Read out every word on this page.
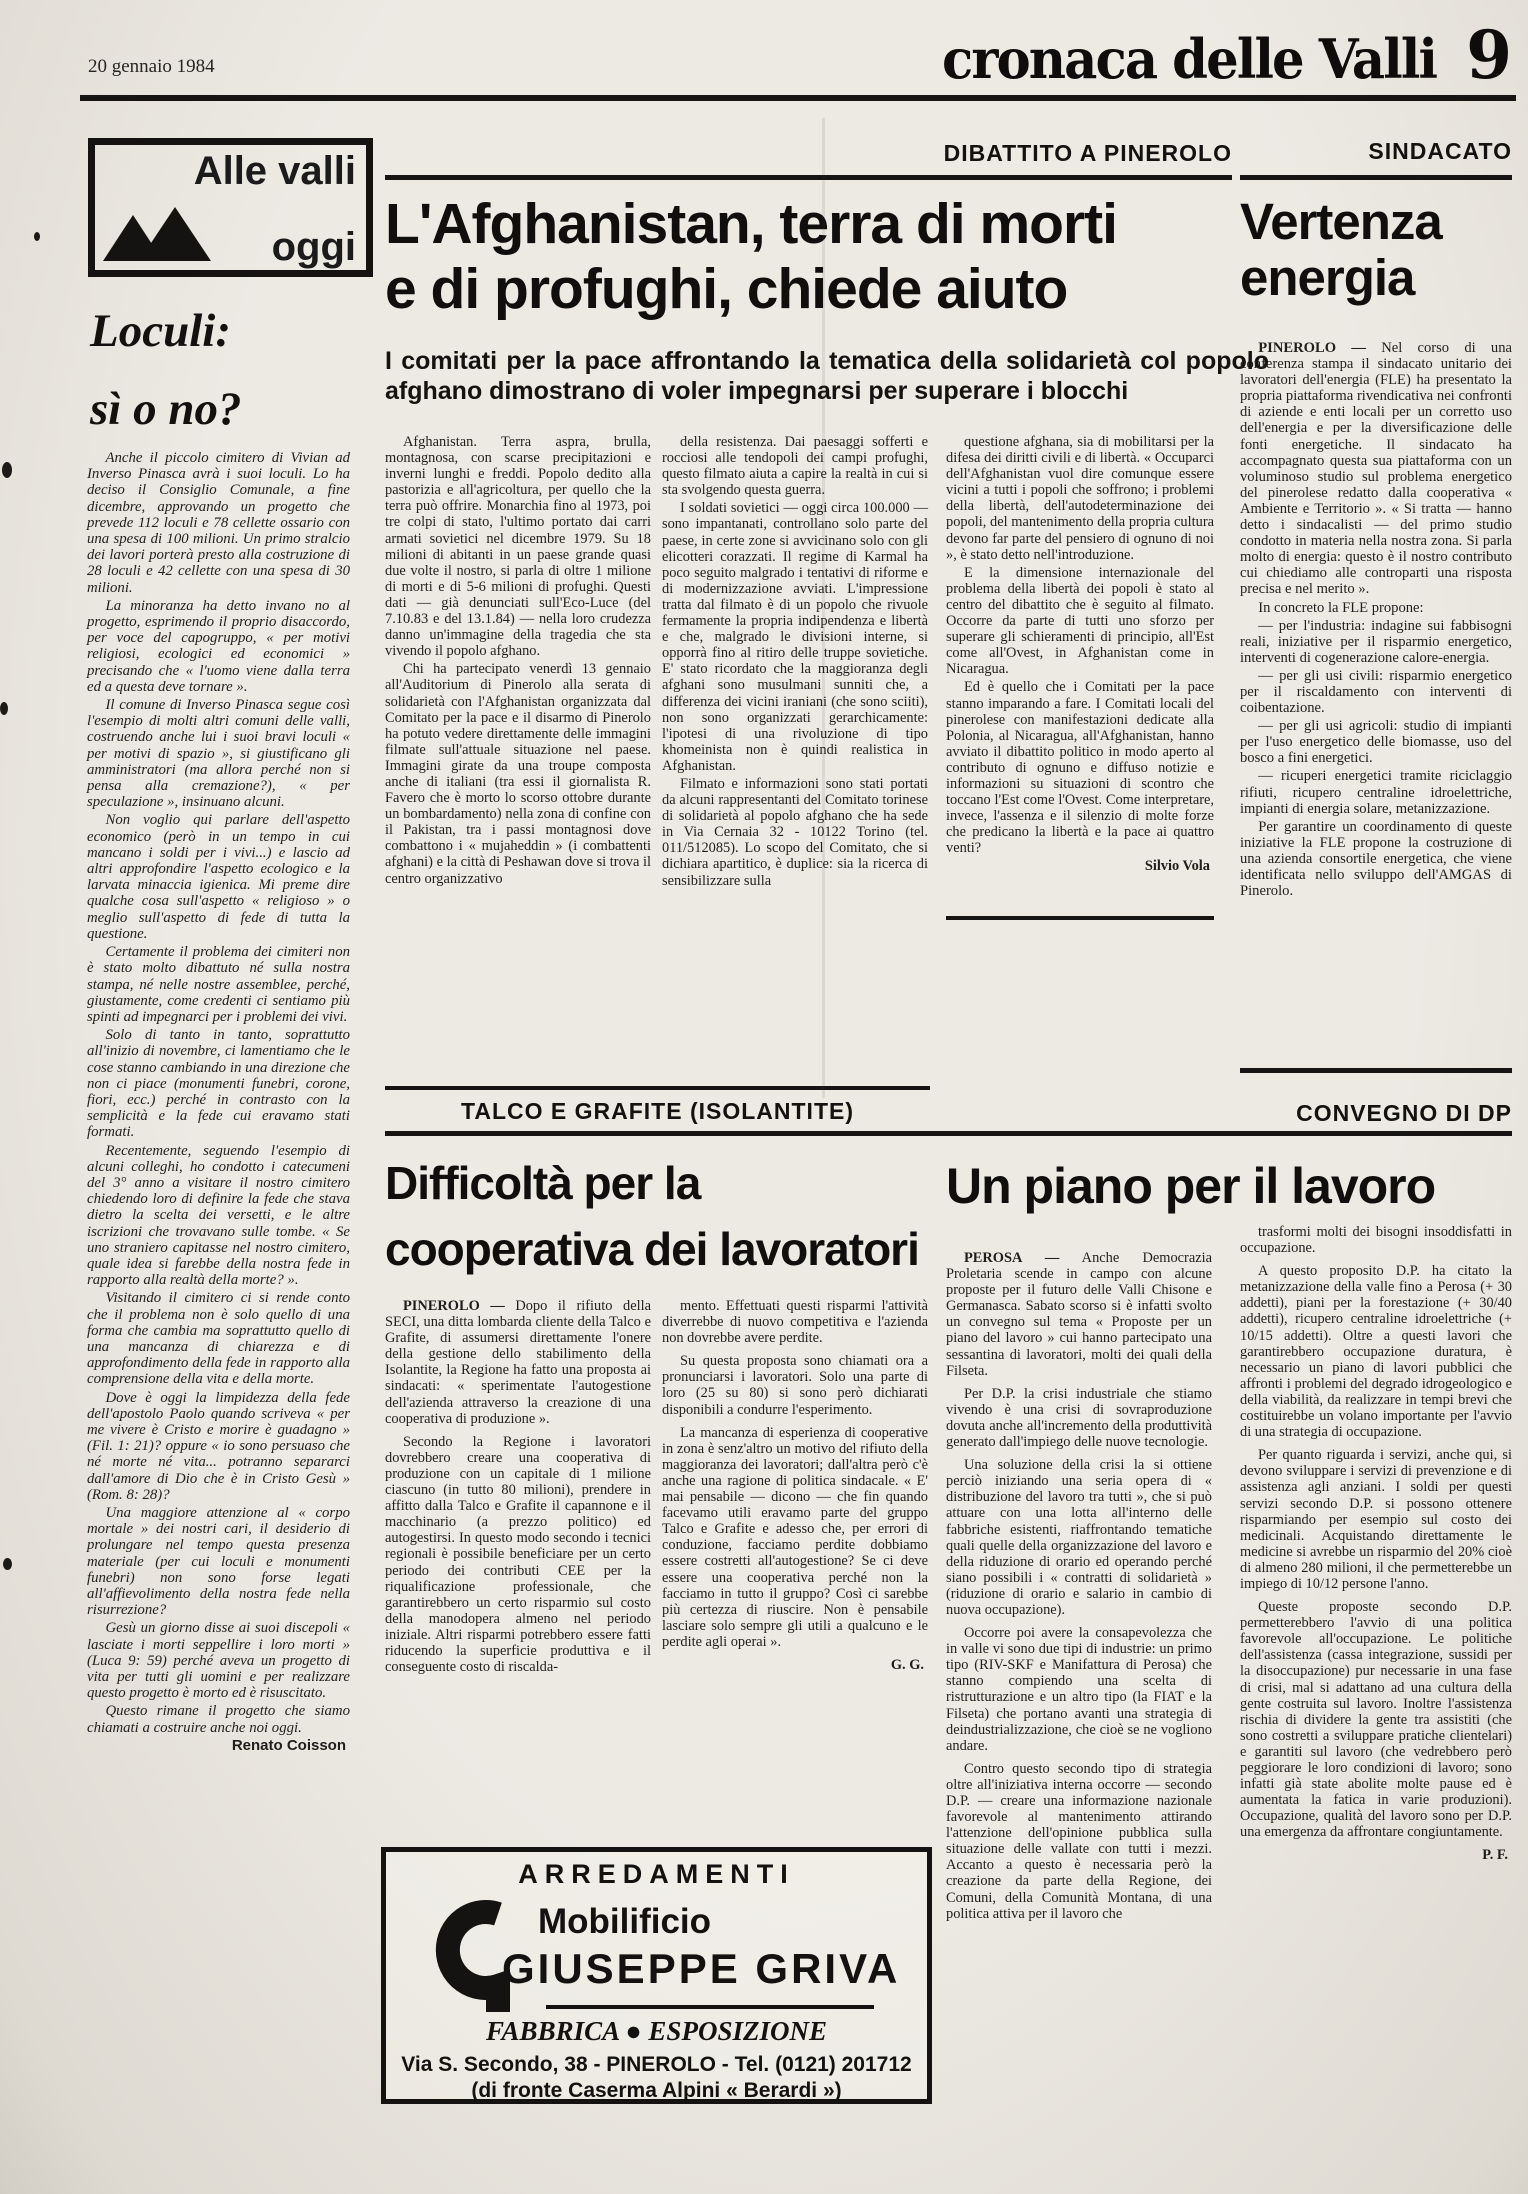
20 gennaio 1984	cronaca delle Valli 9
Alle valli
oggi
Loculi:
sì o no?

Anche il piccolo cimitero di Vivian ad Inverso Pinasca avrà i suoi loculi. Lo ha deciso il Consiglio Comunale, a fine dicembre, approvando un progetto che prevede 112 loculi e 78 cellette ossario con una spesa di 100 milioni. Un primo stralcio dei lavori porterà presto alla costruzione di 28 loculi e 42 cellette con una spesa di 30 milioni.

La minoranza ha detto invano no al progetto, esprimendo il proprio disaccordo, per voce del capogruppo, « per motivi religiosi, ecologici ed economici » precisando che « l'uomo viene dalla terra ed a questa deve tornare ».

Il comune di Inverso Pinasca segue così l'esempio di molti altri comuni delle valli, costruendo anche lui i suoi bravi loculi « per motivi di spazio », si giustificano gli amministratori (ma allora perché non si pensa alla cremazione?), « per speculazione », insinuano alcuni.

Non voglio qui parlare dell'aspetto economico (però in un tempo in cui mancano i soldi per i vivi...) e lascio ad altri approfondire l'aspetto ecologico e la larvata minaccia igienica. Mi preme dire qualche cosa sull'aspetto « religioso » o meglio sull'aspetto di fede di tutta la questione.

Certamente il problema dei cimiteri non è stato molto dibattuto né sulla nostra stampa, né nelle nostre assemblee, perché, giustamente, come credenti ci sentiamo più spinti ad impegnarci per i problemi dei vivi.

Solo di tanto in tanto, soprattutto all'inizio di novembre, ci lamentiamo che le cose stanno cambiando in una direzione che non ci piace (monumenti funebri, corone, fiori, ecc.) perché in contrasto con la semplicità e la fede cui eravamo stati formati.

Recentemente, seguendo l'esempio di alcuni colleghi, ho condotto i catecumeni del 3° anno a visitare il nostro cimitero chiedendo loro di definire la fede che stava dietro la scelta dei versetti, e le altre iscrizioni che trovavano sulle tombe. « Se uno straniero capitasse nel nostro cimitero, quale idea si farebbe della nostra fede in rapporto alla realtà della morte? ».

Visitando il cimitero ci si rende conto che il problema non è solo quello di una forma che cambia ma soprattutto quello di una mancanza di chiarezza e di approfondimento della fede in rapporto alla comprensione della vita e della morte.

Dove è oggi la limpidezza della fede dell'apostolo Paolo quando scriveva « per me vivere è Cristo e morire è guadagno » (Fil. 1: 21)? oppure « io sono persuaso che né morte né vita... potranno separarci dall'amore di Dio che è in Cristo Gesù » (Rom. 8: 28)?

Una maggiore attenzione al « corpo mortale » dei nostri cari, il desiderio di prolungare nel tempo questa presenza materiale (per cui loculi e monumenti funebri) non sono forse legati all'affievolimento della nostra fede nella risurrezione?

Gesù un giorno disse ai suoi discepoli « lasciate i morti seppellire i loro morti » (Luca 9: 59) perché aveva un progetto di vita per tutti gli uomini e per realizzare questo progetto è morto ed è risuscitato.

Questo rimane il progetto che siamo chiamati a costruire anche noi oggi.

Renato Coisson

DIBATTITO A PINEROLO	SINDACATO
L'Afghanistan, terra di morti
e di profughi, chiede aiuto
I comitati per la pace affrontando la tematica della solidarietà col popolo afghano dimostrano di voler impegnarsi per superare i blocchi

Afghanistan. Terra aspra, brulla, montagnosa, con scarse precipitazioni e inverni lunghi e freddi. Popolo dedito alla pastorizia e all'agricoltura, per quello che la terra può offrire. Monarchia fino al 1973, poi tre colpi di stato, l'ultimo portato dai carri armati sovietici nel dicembre 1979. Su 18 milioni di abitanti in un paese grande quasi due volte il nostro, si parla di oltre 1 milione di morti e di 5-6 milioni di profughi. Questi dati — già denunciati sull'Eco-Luce (del 7.10.83 e del 13.1.84) — nella loro crudezza danno un'immagine della tragedia che sta vivendo il popolo afghano.

Chi ha partecipato venerdì 13 gennaio all'Auditorium di Pinerolo alla serata di solidarietà con l'Afghanistan organizzata dal Comitato per la pace e il disarmo di Pinerolo ha potuto vedere direttamente delle immagini filmate sull'attuale situazione nel paese. Immagini girate da una troupe composta anche di italiani (tra essi il giornalista R. Favero che è morto lo scorso ottobre durante un bombardamento) nella zona di confine con il Pakistan, tra i passi montagnosi dove combattono i « mujaheddin » (i combattenti afghani) e la città di Peshawan dove si trova il centro organizzativo

della resistenza. Dai paesaggi sofferti e rocciosi alle tendopoli dei campi profughi, questo filmato aiuta a capire la realtà in cui si sta svolgendo questa guerra.

I soldati sovietici — oggi circa 100.000 — sono impantanati, controllano solo parte del paese, in certe zone si avvicinano solo con gli elicotteri corazzati. Il regime di Karmal ha poco seguito malgrado i tentativi di riforme e di modernizzazione avviati. L'impressione tratta dal filmato è di un popolo che rivuole fermamente la propria indipendenza e libertà e che, malgrado le divisioni interne, si opporrà fino al ritiro delle truppe sovietiche. E' stato ricordato che la maggioranza degli afghani sono musulmani sunniti che, a differenza dei vicini iraniani (che sono sciiti), non sono organizzati gerarchicamente: l'ipotesi di una rivoluzione di tipo khomeinista non è quindi realistica in Afghanistan.

Filmato e informazioni sono stati portati da alcuni rappresentanti del Comitato torinese di solidarietà al popolo afghano che ha sede in Via Cernaia 32 - 10122 Torino (tel. 011/512085). Lo scopo del Comitato, che si dichiara apartitico, è duplice: sia la ricerca di sensibilizzare sulla

questione afghana, sia di mobilitarsi per la difesa dei diritti civili e di libertà. « Occuparci dell'Afghanistan vuol dire comunque essere vicini a tutti i popoli che soffrono; i problemi della libertà, dell'autodeterminazione dei popoli, del mantenimento della propria cultura devono far parte del pensiero di ognuno di noi », è stato detto nell'introduzione.

E la dimensione internazionale del problema della libertà dei popoli è stato al centro del dibattito che è seguito al filmato. Occorre da parte di tutti uno sforzo per superare gli schieramenti di principio, all'Est come all'Ovest, in Afghanistan come in Nicaragua.

Ed è quello che i Comitati per la pace stanno imparando a fare. I Comitati locali del pinerolese con manifestazioni dedicate alla Polonia, al Nicaragua, all'Afghanistan, hanno avviato il dibattito politico in modo aperto al contributo di ognuno e diffuso notizie e informazioni su situazioni di scontro che toccano l'Est come l'Ovest. Come interpretare, invece, l'assenza e il silenzio di molte forze che predicano la libertà e la pace ai quattro venti?

Silvio Vola

Vertenza
energia

PINEROLO — Nel corso di una conferenza stampa il sindacato unitario dei lavoratori dell'energia (FLE) ha presentato la propria piattaforma rivendicativa nei confronti di aziende e enti locali per un corretto uso dell'energia e per la diversificazione delle fonti energetiche. Il sindacato ha accompagnato questa sua piattaforma con un voluminoso studio sul problema energetico del pinerolese redatto dalla cooperativa « Ambiente e Territorio ». « Si tratta — hanno detto i sindacalisti — del primo studio condotto in materia nella nostra zona. Si parla molto di energia: questo è il nostro contributo cui chiediamo alle controparti una risposta precisa e nel merito ».

In concreto la FLE propone:

— per l'industria: indagine sui fabbisogni reali, iniziative per il risparmio energetico, interventi di cogenerazione calore-energia.

— per gli usi civili: risparmio energetico per il riscaldamento con interventi di coibentazione.

— per gli usi agricoli: studio di impianti per l'uso energetico delle biomasse, uso del bosco a fini energetici.

— ricuperi energetici tramite riciclaggio rifiuti, ricupero centraline idroelettriche, impianti di energia solare, metanizzazione.

Per garantire un coordinamento di queste iniziative la FLE propone la costruzione di una azienda consortile energetica, che viene identificata nello sviluppo dell'AMGAS di Pinerolo.

TALCO E GRAFITE (ISOLANTITE)	CONVEGNO DI DP
Difficoltà per la
cooperativa dei lavoratori

PINEROLO — Dopo il rifiuto della SECI, una ditta lombarda cliente della Talco e Grafite, di assumersi direttamente l'onere della gestione dello stabilimento della Isolantite, la Regione ha fatto una proposta ai sindacati: « sperimentate l'autogestione dell'azienda attraverso la creazione di una cooperativa di produzione ».

Secondo la Regione i lavoratori dovrebbero creare una cooperativa di produzione con un capitale di 1 milione ciascuno (in tutto 80 milioni), prendere in affitto dalla Talco e Grafite il capannone e il macchinario (a prezzo politico) ed autogestirsi. In questo modo secondo i tecnici regionali è possibile beneficiare per un certo periodo dei contributi CEE per la riqualificazione professionale, che garantirebbero un certo risparmio sul costo della manodopera almeno nel periodo iniziale. Altri risparmi potrebbero essere fatti riducendo la superficie produttiva e il conseguente costo di riscalda-

mento. Effettuati questi risparmi l'attività diverrebbe di nuovo competitiva e l'azienda non dovrebbe avere perdite.

Su questa proposta sono chiamati ora a pronunciarsi i lavoratori. Solo una parte di loro (25 su 80) si sono però dichiarati disponibili a condurre l'esperimento.

La mancanza di esperienza di cooperative in zona è senz'altro un motivo del rifiuto della maggioranza dei lavoratori; dall'altra però c'è anche una ragione di politica sindacale. « E' mai pensabile — dicono — che fin quando facevamo utili eravamo parte del gruppo Talco e Grafite e adesso che, per errori di conduzione, facciamo perdite dobbiamo essere costretti all'autogestione? Se ci deve essere una cooperativa perché non la facciamo in tutto il gruppo? Così ci sarebbe più certezza di riuscire. Non è pensabile lasciare solo sempre gli utili a qualcuno e le perdite agli operai ».

G. G.

Un piano per il lavoro

PEROSA — Anche Democrazia Proletaria scende in campo con alcune proposte per il futuro delle Valli Chisone e Germanasca. Sabato scorso si è infatti svolto un convegno sul tema « Proposte per un piano del lavoro » cui hanno partecipato una sessantina di lavoratori, molti dei quali della Filseta.

Per D.P. la crisi industriale che stiamo vivendo è una crisi di sovraproduzione dovuta anche all'incremento della produttività generato dall'impiego delle nuove tecnologie.

Una soluzione della crisi la si ottiene perciò iniziando una seria opera di « distribuzione del lavoro tra tutti », che si può attuare con una lotta all'interno delle fabbriche esistenti, riaffrontando tematiche quali quelle della organizzazione del lavoro e della riduzione di orario ed operando perché siano possibili i « contratti di solidarietà » (riduzione di orario e salario in cambio di nuova occupazione).

Occorre poi avere la consapevolezza che in valle vi sono due tipi di industrie: un primo tipo (RIV-SKF e Manifattura di Perosa) che stanno compiendo una scelta di ristrutturazione e un altro tipo (la FIAT e la Filseta) che portano avanti una strategia di deindustrializzazione, che cioè se ne vogliono andare.

Contro questo secondo tipo di strategia oltre all'iniziativa interna occorre — secondo D.P. — creare una informazione nazionale favorevole al mantenimento attirando l'attenzione dell'opinione pubblica sulla situazione delle vallate con tutti i mezzi. Accanto a questo è necessaria però la creazione da parte della Regione, dei Comuni, della Comunità Montana, di una politica attiva per il lavoro che

trasformi molti dei bisogni insoddisfatti in occupazione.

A questo proposito D.P. ha citato la metanizzazione della valle fino a Perosa (+ 30 addetti), piani per la forestazione (+ 30/40 addetti), ricupero centraline idroelettriche (+ 10/15 addetti). Oltre a questi lavori che garantirebbero occupazione duratura, è necessario un piano di lavori pubblici che affronti i problemi del degrado idrogeologico e della viabilità, da realizzare in tempi brevi che costituirebbe un volano importante per l'avvio di una strategia di occupazione.

Per quanto riguarda i servizi, anche qui, si devono sviluppare i servizi di prevenzione e di assistenza agli anziani. I soldi per questi servizi secondo D.P. si possono ottenere risparmiando per esempio sul costo dei medicinali. Acquistando direttamente le medicine si avrebbe un risparmio del 20% cioè di almeno 280 milioni, il che permetterebbe un impiego di 10/12 persone l'anno.

Queste proposte secondo D.P. permetterebbero l'avvio di una politica favorevole all'occupazione. Le politiche dell'assistenza (cassa integrazione, sussidi per la disoccupazione) pur necessarie in una fase di crisi, mal si adattano ad una cultura della gente costruita sul lavoro. Inoltre l'assistenza rischia di dividere la gente tra assistiti (che sono costretti a sviluppare pratiche clientelari) e garantiti sul lavoro (che vedrebbero però peggiorare le loro condizioni di lavoro; sono infatti già state abolite molte pause ed è aumentata la fatica in varie produzioni). Occupazione, qualità del lavoro sono per D.P. una emergenza da affrontare congiuntamente.

P. F.

ARREDAMENTI
Mobilificio
GIUSEPPE GRIVA
FABBRICA ● ESPOSIZIONE
Via S. Secondo, 38 - PINEROLO - Tel. (0121) 201712
(di fronte Caserma Alpini « Berardi »)
